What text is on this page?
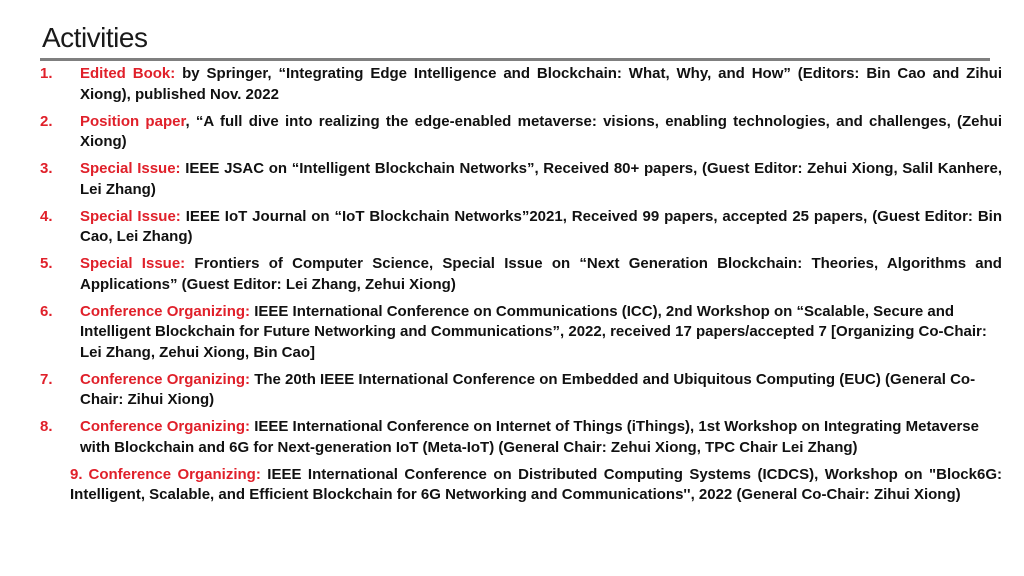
Activities
1. Edited Book: by Springer, “Integrating Edge Intelligence and Blockchain: What, Why, and How” (Editors: Bin Cao and Zihui Xiong), published Nov. 2022
2. Position paper, “A full dive into realizing the edge-enabled metaverse: visions, enabling technologies, and challenges, (Zehui Xiong)
3. Special Issue: IEEE JSAC on “Intelligent Blockchain Networks”, Received 80+ papers, (Guest Editor: Zehui Xiong, Salil Kanhere, Lei Zhang)
4. Special Issue: IEEE IoT Journal on “IoT Blockchain Networks”2021, Received 99 papers, accepted 25 papers, (Guest Editor: Bin Cao, Lei Zhang)
5. Special Issue: Frontiers of Computer Science, Special Issue on “Next Generation Blockchain: Theories, Algorithms and Applications” (Guest Editor: Lei Zhang, Zehui Xiong)
6. Conference Organizing: IEEE International Conference on Communications (ICC), 2nd Workshop on “Scalable, Secure and Intelligent Blockchain for Future Networking and Communications”, 2022, received 17 papers/accepted 7 [Organizing Co-Chair: Lei Zhang, Zehui Xiong, Bin Cao]
7. Conference Organizing: The 20th IEEE International Conference on Embedded and Ubiquitous Computing (EUC) (General Co-Chair: Zihui Xiong)
8. Conference Organizing: IEEE International Conference on Internet of Things (iThings), 1st Workshop on Integrating Metaverse with Blockchain and 6G for Next-generation IoT (Meta-IoT) (General Chair: Zehui Xiong, TPC Chair Lei Zhang)
9. Conference Organizing: IEEE International Conference on Distributed Computing Systems (ICDCS), Workshop on "Block6G: Intelligent, Scalable, and Efficient Blockchain for 6G Networking and Communications'', 2022 (General Co-Chair: Zihui Xiong)
